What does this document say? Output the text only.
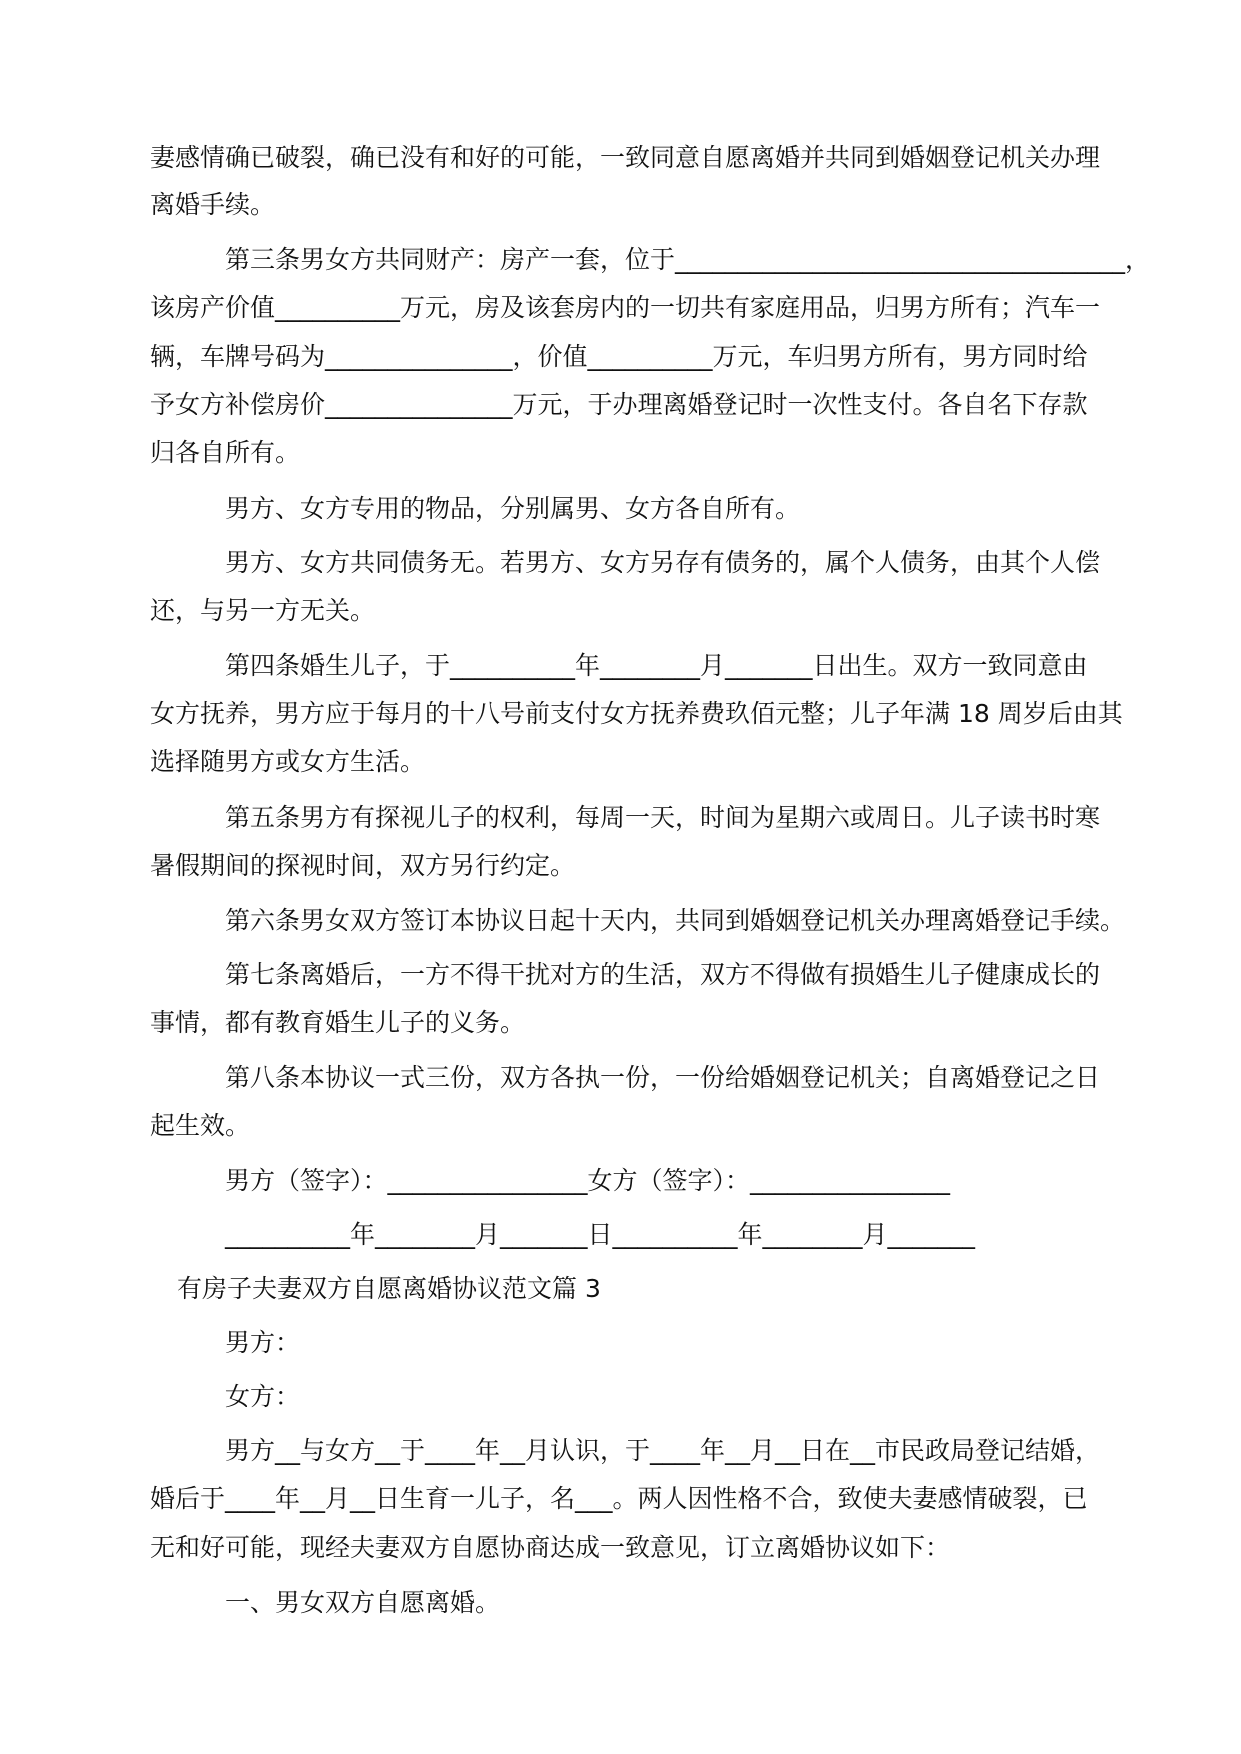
妻感情确已破裂，确已没有和好的可能，一致同意自愿离婚并共同到婚姻登记机关办理
离婚手续。
第三条男女方共同财产：房产一套，位于____________________________________，
该房产价值__________万元，房及该套房内的一切共有家庭用品，归男方所有；汽车一
辆，车牌号码为_______________，价值__________万元，车归男方所有，男方同时给
予女方补偿房价_______________万元，于办理离婚登记时一次性支付。各自名下存款
归各自所有。
男方、女方专用的物品，分别属男、女方各自所有。
男方、女方共同债务无。若男方、女方另存有债务的，属个人债务，由其个人偿
还，与另一方无关。
第四条婚生儿子，于__________年________月_______日出生。双方一致同意由
女方抚养，男方应于每月的十八号前支付女方抚养费玖佰元整；儿子年满 18 周岁后由其
选择随男方或女方生活。
第五条男方有探视儿子的权利，每周一天，时间为星期六或周日。儿子读书时寒
暑假期间的探视时间，双方另行约定。
第六条男女双方签订本协议日起十天内，共同到婚姻登记机关办理离婚登记手续。
第七条离婚后，一方不得干扰对方的生活，双方不得做有损婚生儿子健康成长的
事情，都有教育婚生儿子的义务。
第八条本协议一式三份，双方各执一份，一份给婚姻登记机关；自离婚登记之日
起生效。
男方（签字）：________________女方（签字）：________________
__________年________月_______日__________年________月_______
有房子夫妻双方自愿离婚协议范文篇 3
男方：
女方：
男方__与女方__于____年__月认识，于____年__月__日在__市民政局登记结婚，
婚后于____年__月__日生育一儿子，名___。两人因性格不合，致使夫妻感情破裂，已
无和好可能，现经夫妻双方自愿协商达成一致意见，订立离婚协议如下：
一、男女双方自愿离婚。
